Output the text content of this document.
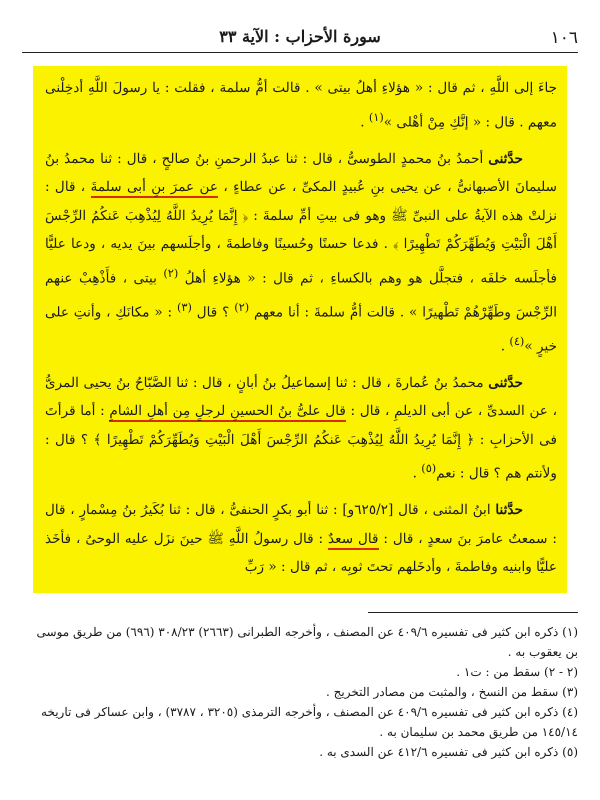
١٠٦
سورة الأحزاب : الآية ٣٣

جاءَ إلى اللَّهِ ، ثم قال : « هؤلاءِ أهلُ بيتى » . قالت أمُّ سلمة ، فقلت : يا رسولَ اللَّهِ أدخِلْنى معهم . قال : « إنَّكِ مِنْ أهْلى »$^{(١)}$ .

حدَّثنى أحمدُ بنُ محمدٍ الطوسىُّ ، قال : ثنا عبدُ الرحمنِ بنُ صالحٍ ، قال : ثنا محمدُ بنُ سليمانَ الأصبهانىُّ ، عن يحيى بنِ عُبيدٍ المكىِّ ، عن عطاءٍ ، عن عمرَ بنِ أبى سلمةَ ، قال : نزلتْ هذه الآيةُ على النبىِّ ﷺ وهو فى بيتِ أمِّ سلمةَ : ﴿ إِنَّمَا يُرِيدُ اللَّهُ لِيُذْهِبَ عَنكُمُ الرِّجْسَ أَهْلَ الْبَيْتِ وَيُطَهِّرَكُمْ تَطْهِيرًا ﴾ . فدعا حسنًا وحُسينًا وفاطمةَ ، وأجلَسهم بينَ يديه ، ودعا عليًّا فأجلَسه خلفَه ، فتجلَّل هو وهم بالكساءِ ، ثم قال : « هؤلاءِ أهلُ $^{(٢)}$ بيتى ، فأَذْهِبْ عنهم الرِّجْسَ وطَهِّرْهُمْ تَطْهيرًا » . قالت أمُّ سلمةَ : أنا معهم $^{(٢)}$ ؟ قال $^{(٣)}$ : « مكانَكِ ، وأنتِ على خيرٍ »$^{(٤)}$ .

حدَّثنى محمدُ بنُ عُمارةَ ، قال : ثنا إسماعيلُ بنُ أبانٍ ، قال : ثنا الصَّبّاحُ بنُ يحيى المرىُّ ، عن السدىِّ ، عن أبى الديلمِ ، قال : قال علىُّ بنُ الحسينِ لرجلٍ مِن أهلِ الشامِ : أما قرأتَ فى الأحزابِ : ﴿ إِنَّمَا يُرِيدُ اللَّهُ لِيُذْهِبَ عَنكُمُ الرِّجْسَ أَهْلَ الْبَيْتِ وَيُطَهِّرَكُمْ تَطْهِيرًا ﴾ ؟ قال : ولأنتم هم ؟ قال : نعم$^{(٥)}$ .

حدَّثنا ابنُ المثنى ، قال [٦٢٥/٢و] : ثنا أبو بكرٍ الحنفىُّ ، قال : ثنا بُكَيرُ بنُ مِسْمارٍ ، قال : سمعتُ عامرَ بنَ سعدٍ ، قال : قال سعدٌ : قال رسولُ اللَّهِ ﷺ حينَ نزَل عليه الوحىُ ، فأخَذ عليًّا وابنيه وفاطمةَ ، وأدخَلهم تحتَ ثوبِه ، ثم قال : « رَبِّ

(١) ذكره ابن كثير فى تفسيره ٤٠٩/٦ عن المصنف ، وأخرجه الطبرانى (٢٦٦٣) ٣٠٨/٢٣ (٦٩٦) من طريق موسى بن يعقوب به .

(٢ - ٢) سقط من : ت١ .

(٣) سقط من النسخ ، والمثبت من مصادر التخريج .

(٤) ذكره ابن كثير فى تفسيره ٤٠٩/٦ عن المصنف ، وأخرجه الترمذى (٣٢٠٥ ، ٣٧٨٧) ، وابن عساكر فى تاريخه ١٤٥/١٤ من طريق محمد بن سليمان به .

(٥) ذكره ابن كثير فى تفسيره ٤١٢/٦ عن السدى به .
